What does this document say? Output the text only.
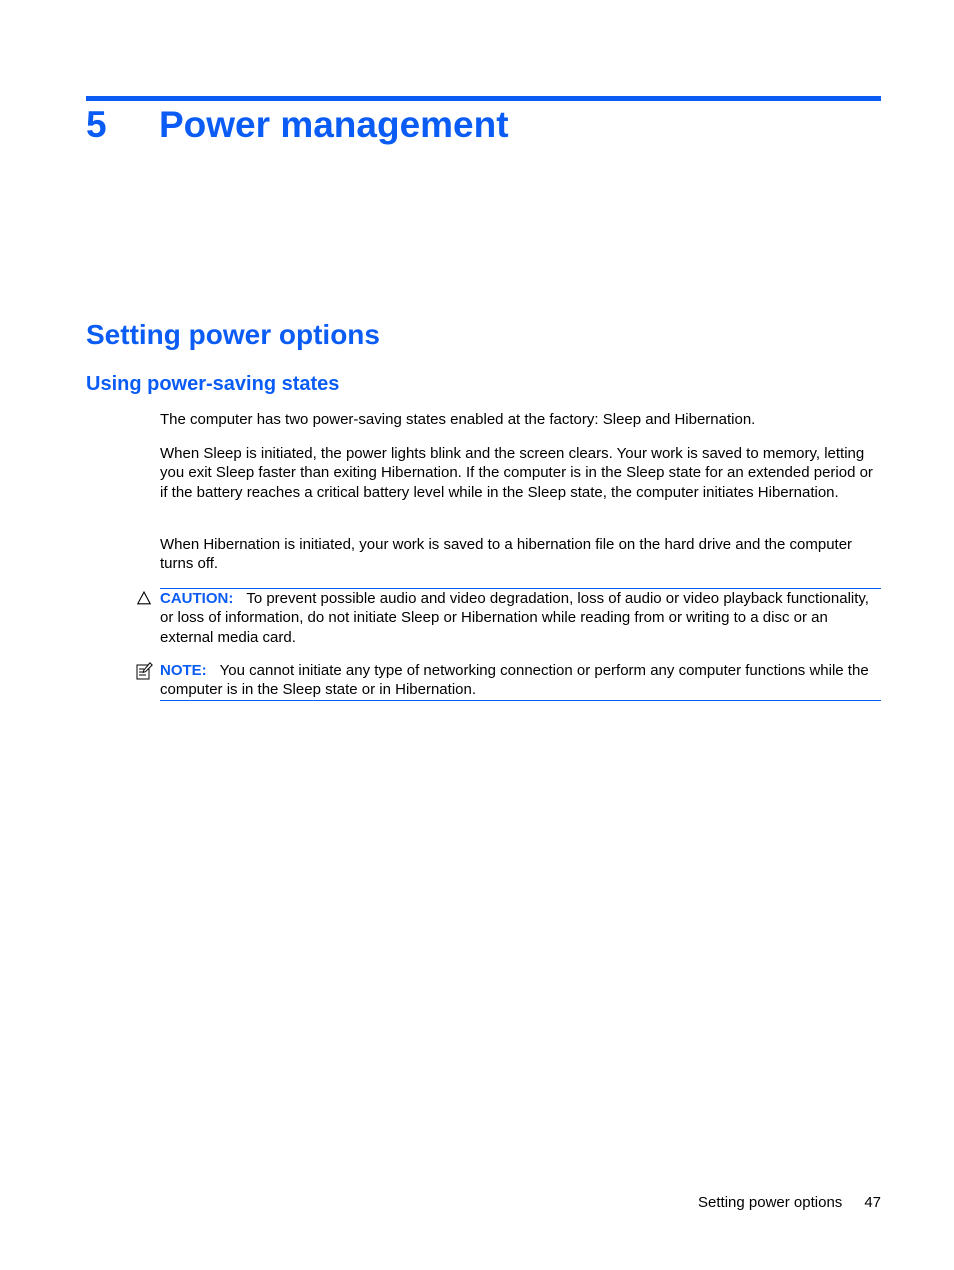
5 Power management
Setting power options
Using power-saving states

The computer has two power-saving states enabled at the factory: Sleep and Hibernation.

When Sleep is initiated, the power lights blink and the screen clears. Your work is saved to memory, letting you exit Sleep faster than exiting Hibernation. If the computer is in the Sleep state for an extended period or if the battery reaches a critical battery level while in the Sleep state, the computer initiates Hibernation.

When Hibernation is initiated, your work is saved to a hibernation file on the hard drive and the computer turns off.

CAUTION: To prevent possible audio and video degradation, loss of audio or video playback functionality, or loss of information, do not initiate Sleep or Hibernation while reading from or writing to a disc or an external media card.

NOTE: You cannot initiate any type of networking connection or perform any computer functions while the computer is in the Sleep state or in Hibernation.

Setting power options 47
